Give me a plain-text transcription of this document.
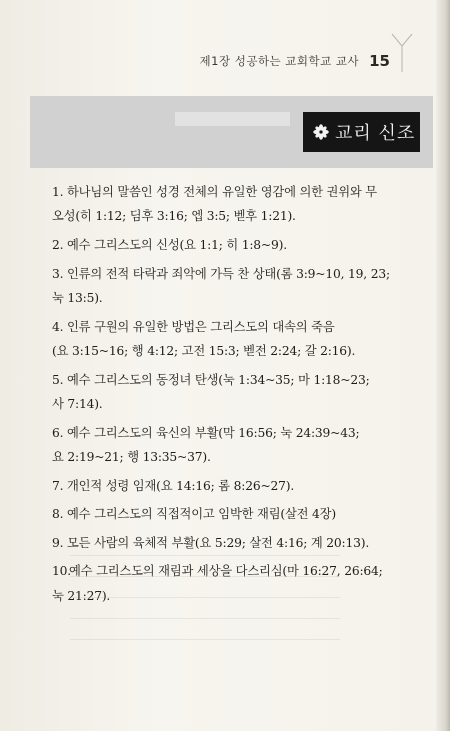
제1장 성공하는 교회학교 교사 15
교리 신조
1. 하나님의 말씀인 성경 전체의 유일한 영감에 의한 권위와 무
오성(히 1:12; 딤후 3:16; 엡 3:5; 벧후 1:21).
2. 예수 그리스도의 신성(요 1:1; 히 1:8~9).
3. 인류의 전적 타락과 죄악에 가득 찬 상태(롬 3:9~10, 19, 23;
눅 13:5).
4. 인류 구원의 유일한 방법은 그리스도의 대속의 죽음
(요 3:15~16; 행 4:12; 고전 15:3; 벧전 2:24; 갈 2:16).
5. 예수 그리스도의 동정녀 탄생(눅 1:34~35; 마 1:18~23;
사 7:14).
6. 예수 그리스도의 육신의 부활(막 16:56; 눅 24:39~43;
요 2:19~21; 행 13:35~37).
7. 개인적 성령 임재(요 14:16; 롬 8:26~27).
8. 예수 그리스도의 직접적이고 임박한 재림(살전 4장)
9. 모든 사람의 육체적 부활(요 5:29; 살전 4:16; 계 20:13).
10.
예수 그리스도의 재림과 세상을 다스리심(마 16:27, 26:64;
눅 21:27).
